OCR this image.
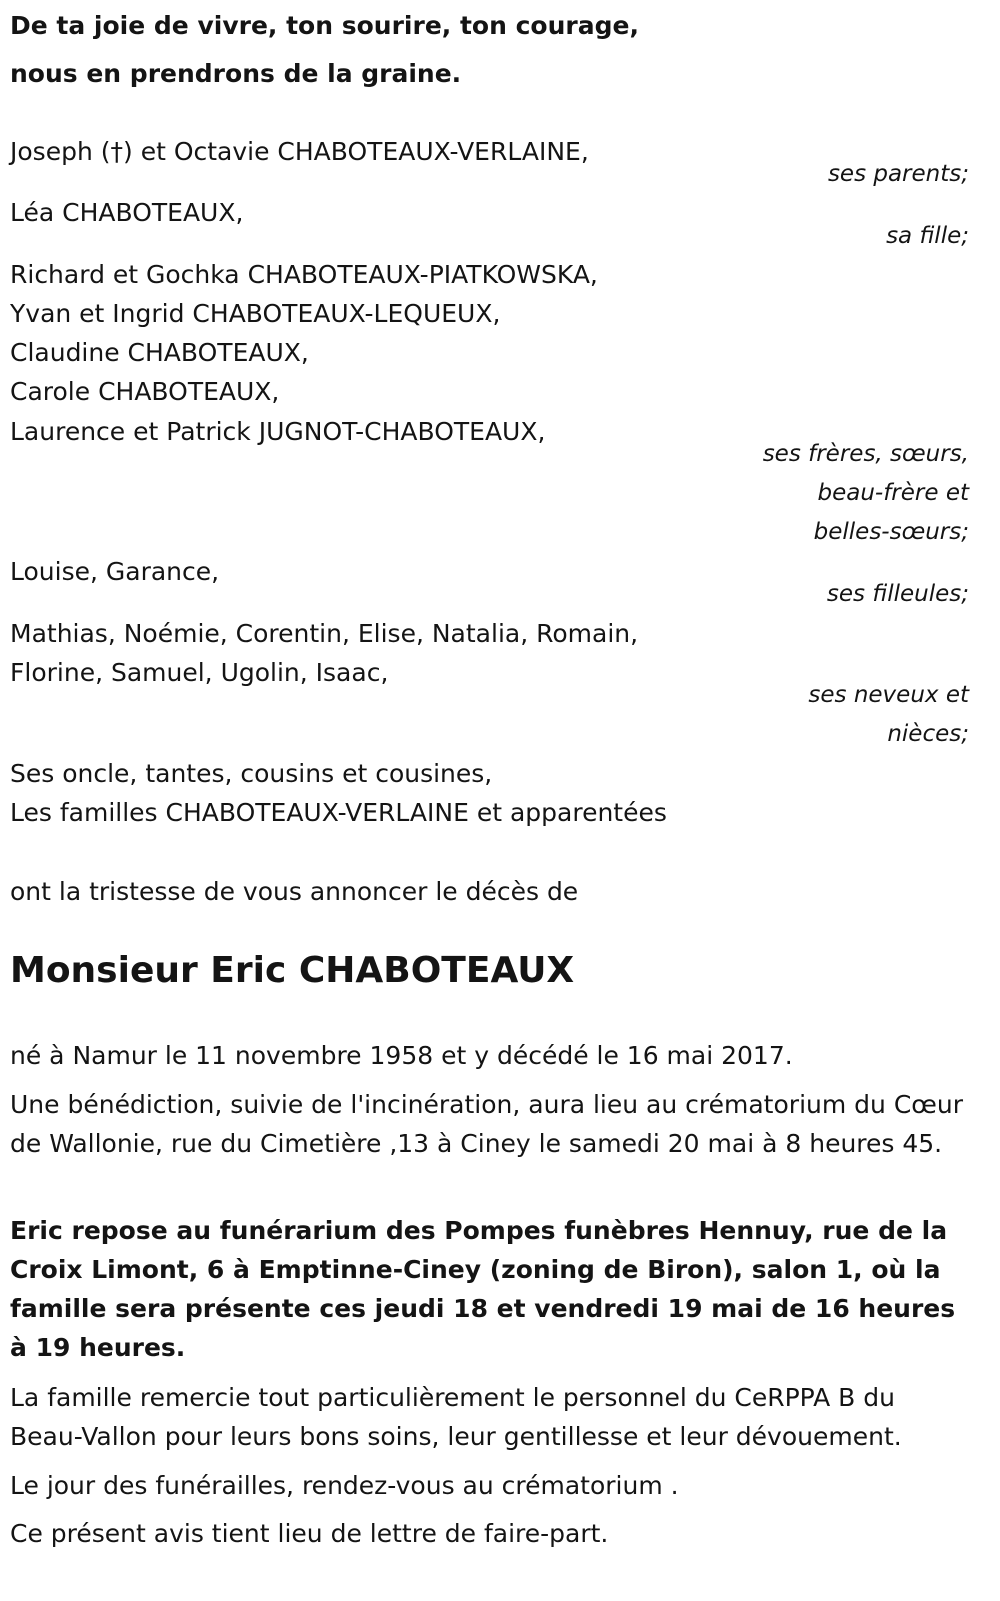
De ta joie de vivre, ton sourire, ton courage,
nous en prendrons de la graine.
Joseph (†) et Octavie CHABOTEAUX-VERLAINE,
ses parents;
Léa CHABOTEAUX,
sa fille;
Richard et Gochka CHABOTEAUX-PIATKOWSKA,
Yvan et Ingrid CHABOTEAUX-LEQUEUX,
Claudine CHABOTEAUX,
Carole CHABOTEAUX,
Laurence et Patrick JUGNOT-CHABOTEAUX,
ses frères, sœurs,
beau-frère et
belles-sœurs;
Louise, Garance,
ses filleules;
Mathias, Noémie, Corentin, Elise, Natalia, Romain,
Florine, Samuel, Ugolin, Isaac,
ses neveux et
nièces;
Ses oncle, tantes, cousins et cousines,
Les familles CHABOTEAUX-VERLAINE et apparentées
ont la tristesse de vous annoncer le décès de
Monsieur Eric CHABOTEAUX
né à Namur le 11 novembre 1958 et y décédé le 16 mai 2017.
Une bénédiction, suivie de l'incinération, aura lieu au crématorium du Cœur de Wallonie, rue du Cimetière ,13 à Ciney le samedi 20 mai à 8 heures 45.
Eric repose au funérarium des Pompes funèbres Hennuy, rue de la Croix Limont, 6 à Emptinne-Ciney (zoning de Biron), salon 1, où la famille sera présente ces jeudi 18 et vendredi 19 mai de 16 heures à 19 heures.
La famille remercie tout particulièrement le personnel du CeRPPA B du Beau-Vallon pour leurs bons soins, leur gentillesse et leur dévouement.
Le jour des funérailles, rendez-vous au crématorium .
Ce présent avis tient lieu de lettre de faire-part.
